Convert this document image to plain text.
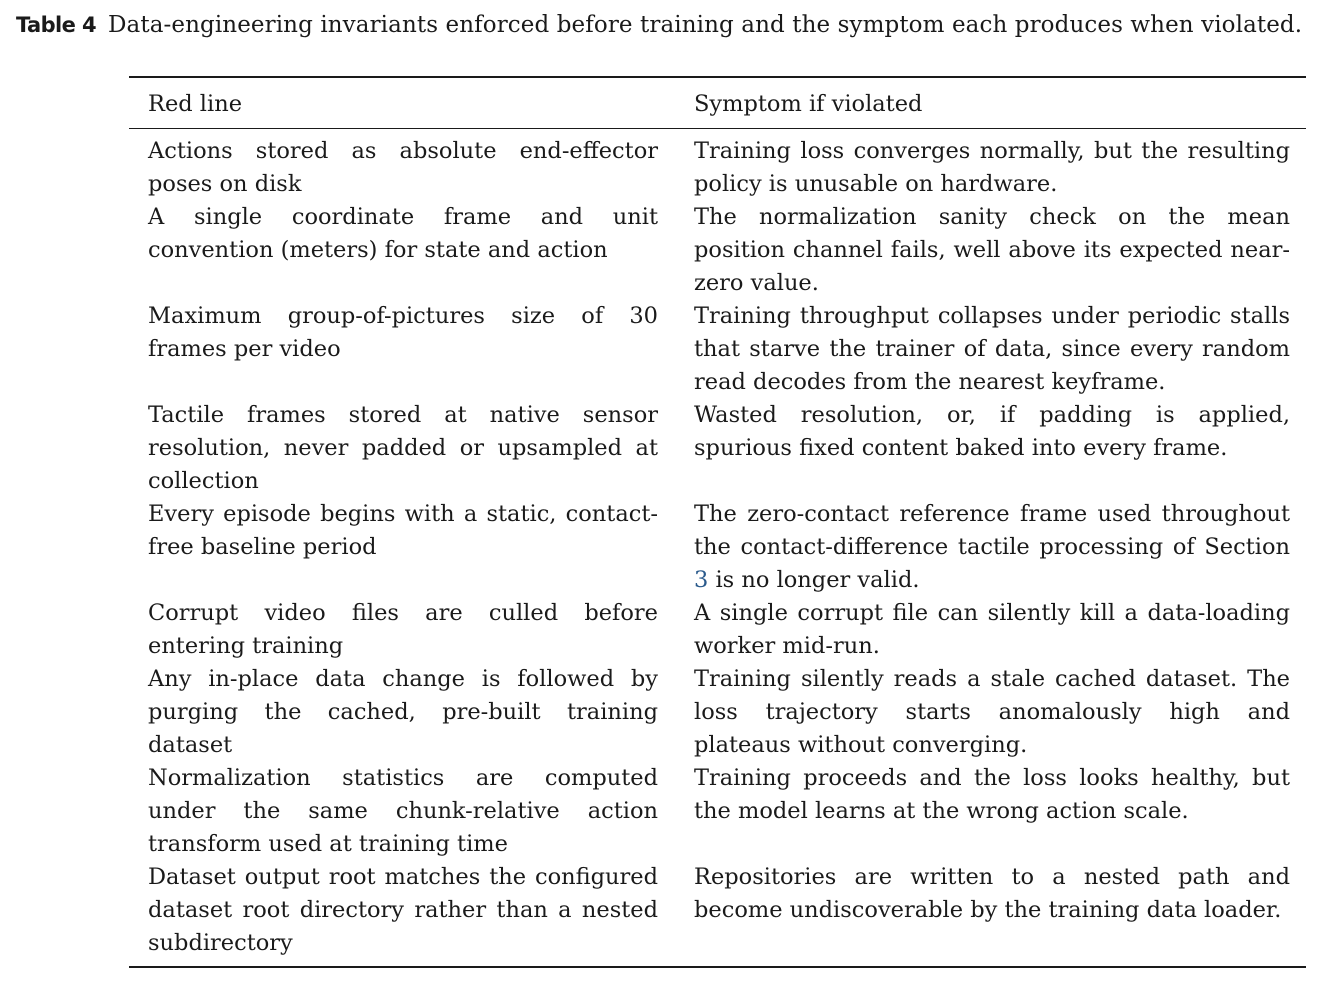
Table 4 Data-engineering invariants enforced before training and the symptom each produces when violated.
Red line	Symptom if violated
Actions stored as absolute end-effector poses on disk
Training loss converges normally, but the resulting policy is unusable on hardware.
A single coordinate frame and unit convention (meters) for state and action
The normalization sanity check on the mean position channel fails, well above its expected near-zero value.
Maximum group-of-pictures size of 30 frames per video
Training throughput collapses under periodic stalls that starve the trainer of data, since every random read decodes from the nearest keyframe.
Tactile frames stored at native sensor resolution, never padded or upsampled at collection
Wasted resolution, or, if padding is applied, spurious fixed content baked into every frame.
Every episode begins with a static, contact-free baseline period
The zero-contact reference frame used throughout the contact-difference tactile processing of Section 3 is no longer valid.
Corrupt video files are culled before entering training
A single corrupt file can silently kill a data-loading worker mid-run.
Any in-place data change is followed by purging the cached, pre-built training dataset
Training silently reads a stale cached dataset. The loss trajectory starts anomalously high and plateaus without converging.
Normalization statistics are computed under the same chunk-relative action transform used at training time
Training proceeds and the loss looks healthy, but the model learns at the wrong action scale.
Dataset output root matches the configured dataset root directory rather than a nested subdirectory
Repositories are written to a nested path and become undiscoverable by the training data loader.
